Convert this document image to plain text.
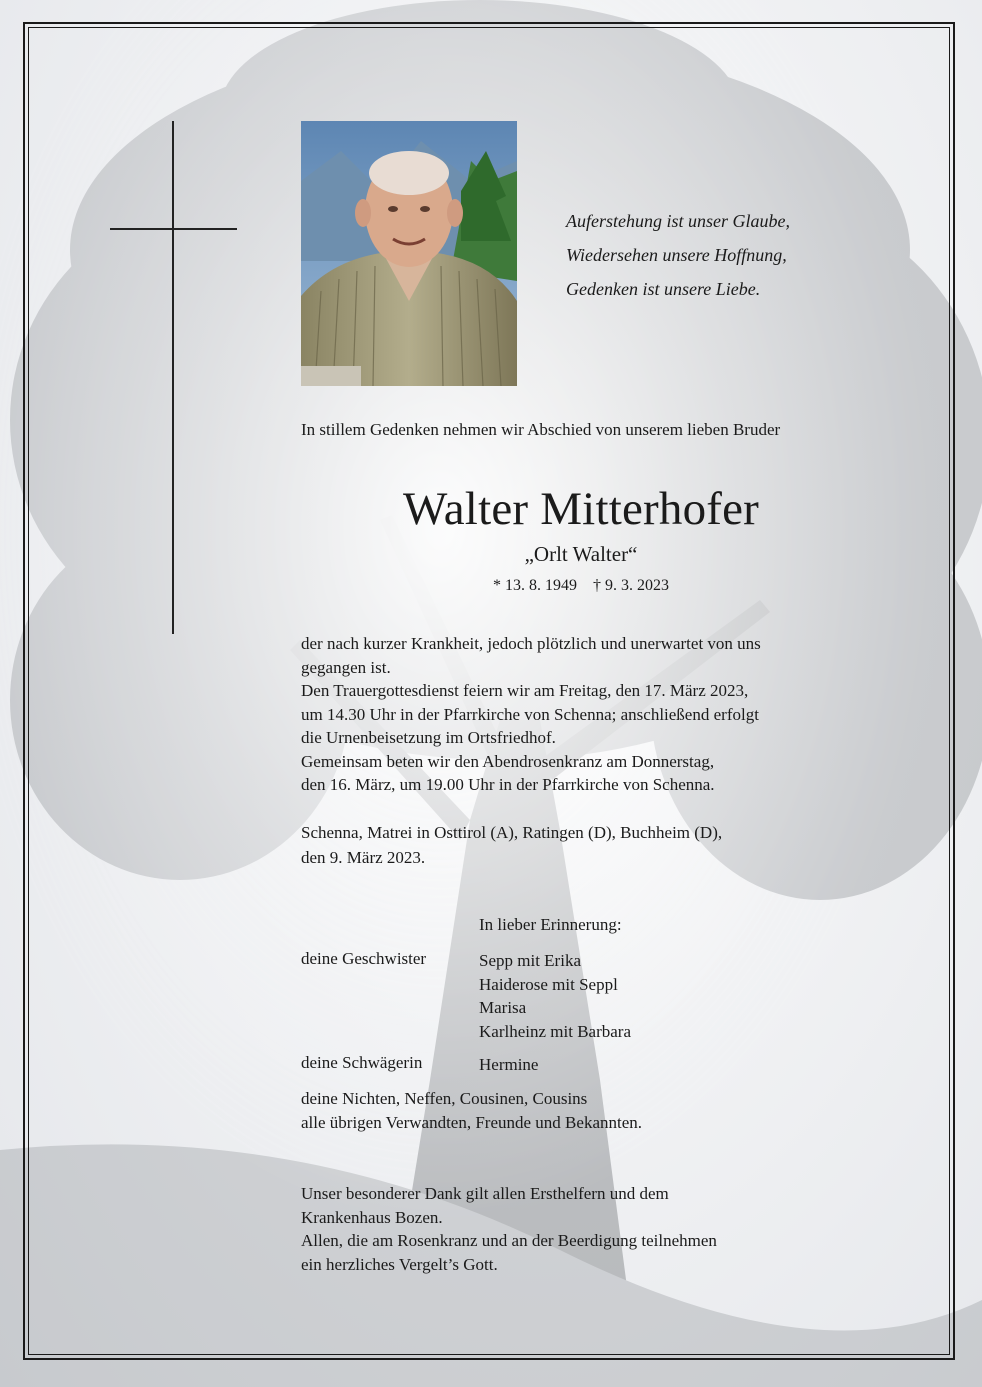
Auferstehung ist unser Glaube,
Wiedersehen unsere Hoffnung,
Gedenken ist unsere Liebe.
In stillem Gedenken nehmen wir Abschied von unserem lieben Bruder
Walter Mitterhofer
„Orlt Walter“
* 13. 8. 1949 † 9. 3. 2023
der nach kurzer Krankheit, jedoch plötzlich und unerwartet von uns
gegangen ist.
Den Trauergottesdienst feiern wir am Freitag, den 17. März 2023,
um 14.30 Uhr in der Pfarrkirche von Schenna; anschließend erfolgt
die Urnenbeisetzung im Ortsfriedhof.
Gemeinsam beten wir den Abendrosenkranz am Donnerstag,
den 16. März, um 19.00 Uhr in der Pfarrkirche von Schenna.
Schenna, Matrei in Osttirol (A), Ratingen (D), Buchheim (D),
den 9. März 2023.
In lieber Erinnerung:
deine Geschwister	Sepp mit Erika
Haiderose mit Seppl
Marisa
Karlheinz mit Barbara
deine Schwägerin	Hermine
deine Nichten, Neffen, Cousinen, Cousins
alle übrigen Verwandten, Freunde und Bekannten.
Unser besonderer Dank gilt allen Ersthelfern und dem
Krankenhaus Bozen.
Allen, die am Rosenkranz und an der Beerdigung teilnehmen
ein herzliches Vergelt’s Gott.
